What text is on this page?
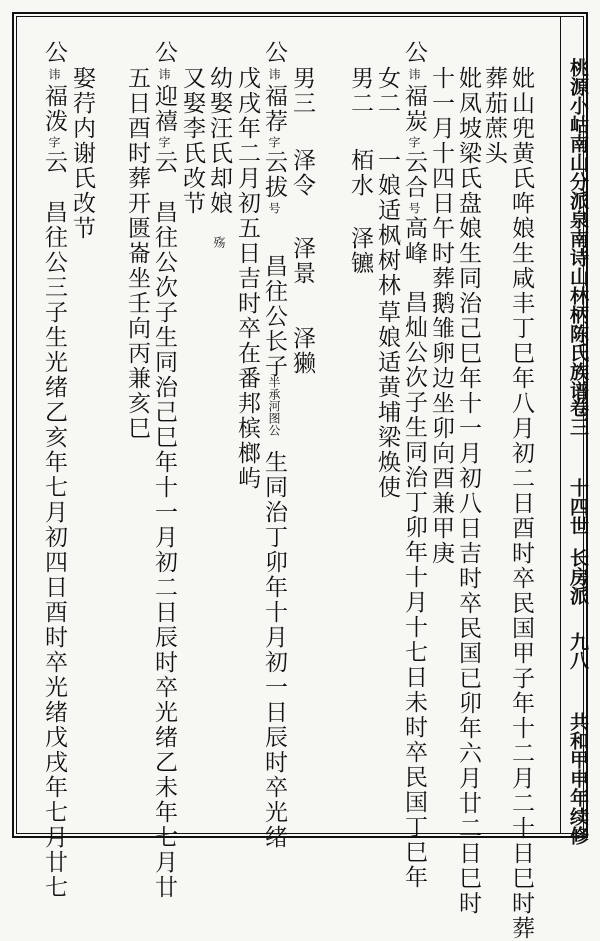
桃源小岵南山分派泉南诗山林柄陈氏族谱
卷三
十四世
长房派
九八
共和甲申年续修
妣山兜黄氏哖娘生咸丰丁巳年八月初二日酉时卒民国甲子年十二月二十日巳时葬
葬茄蔗头
妣凤坡梁氏盘娘生同治己巳年十一月初八日吉时卒民国已卯年六月廿二日巳时
十一月十四日午时葬鹅雏卵边坐卯向酉兼甲庚
公
讳
福炭
字
云合
号
高峰
昌灿公次子生同治丁卯年十月十七日未时卒民国丁巳年
女二
一娘适枫树林
草娘适黄埔梁焕使
男二
栢水
泽镳
男三
泽令
泽景
泽獭
戊戌年二月初五日吉时卒在番邦槟榔屿
公
讳
福荐
字
云拔
号
昌往公长子
半承河图公
生同治丁卯年十月初一日辰时卒光绪
又娶李氏改节 幼娶汪氏却娘
殇
五日酉时葬开匮崙坐壬向丙兼亥巳
公
讳
迎禧
字
云
昌往公次子生同治己巳年十一月初二日辰时卒光绪乙未年七月廿
娶荇内谢氏改节
公
讳
福泼
字
云
昌往公三子生光绪乙亥年七月初四日酉时卒光绪戊戌年七月廿七
